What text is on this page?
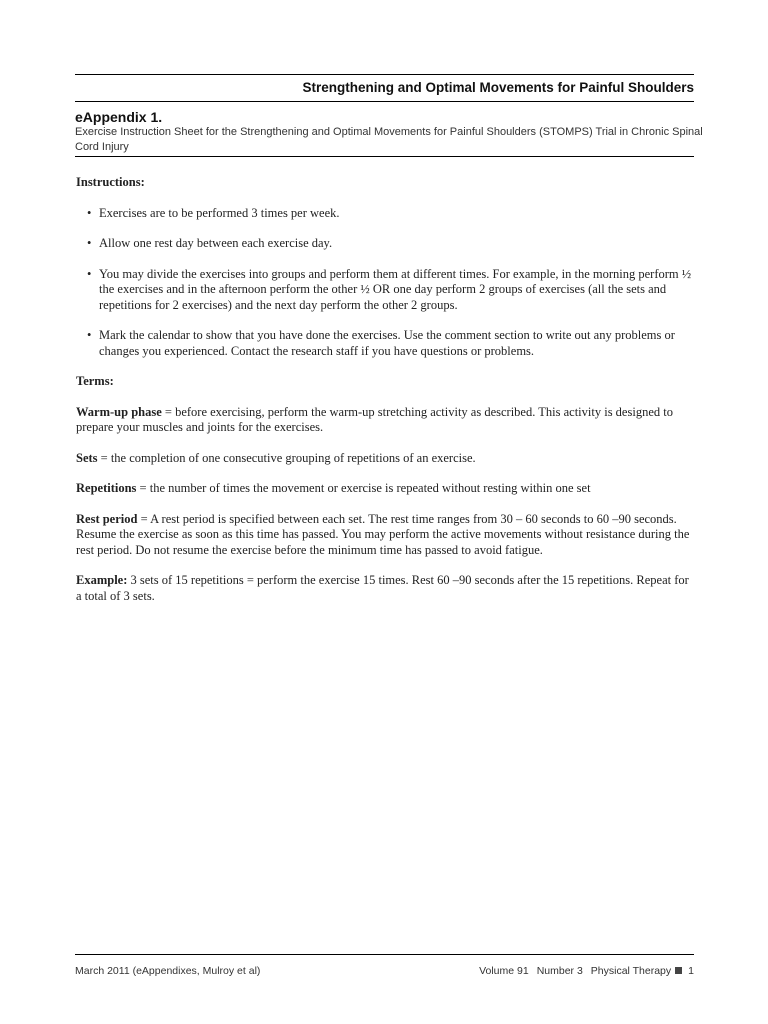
Strengthening and Optimal Movements for Painful Shoulders
eAppendix 1.
Exercise Instruction Sheet for the Strengthening and Optimal Movements for Painful Shoulders (STOMPS) Trial in Chronic Spinal Cord Injury

Instructions:

• Exercises are to be performed 3 times per week.
• Allow one rest day between each exercise day.
• You may divide the exercises into groups and perform them at different times. For example, in the morning perform ½ the exercises and in the afternoon perform the other ½ OR one day perform 2 groups of exercises (all the sets and repetitions for 2 exercises) and the next day perform the other 2 groups.
• Mark the calendar to show that you have done the exercises. Use the comment section to write out any problems or changes you experienced. Contact the research staff if you have questions or problems.

Terms:

Warm-up phase = before exercising, perform the warm-up stretching activity as described. This activity is designed to prepare your muscles and joints for the exercises.

Sets = the completion of one consecutive grouping of repetitions of an exercise.

Repetitions = the number of times the movement or exercise is repeated without resting within one set

Rest period = A rest period is specified between each set. The rest time ranges from 30 – 60 seconds to 60 –90 seconds. Resume the exercise as soon as this time has passed. You may perform the active movements without resistance during the rest period. Do not resume the exercise before the minimum time has passed to avoid fatigue.

Example: 3 sets of 15 repetitions = perform the exercise 15 times. Rest 60 –90 seconds after the 15 repetitions. Repeat for a total of 3 sets.

March 2011 (eAppendixes, Mulroy et al)	Volume 91 Number 3 Physical Therapy 1
